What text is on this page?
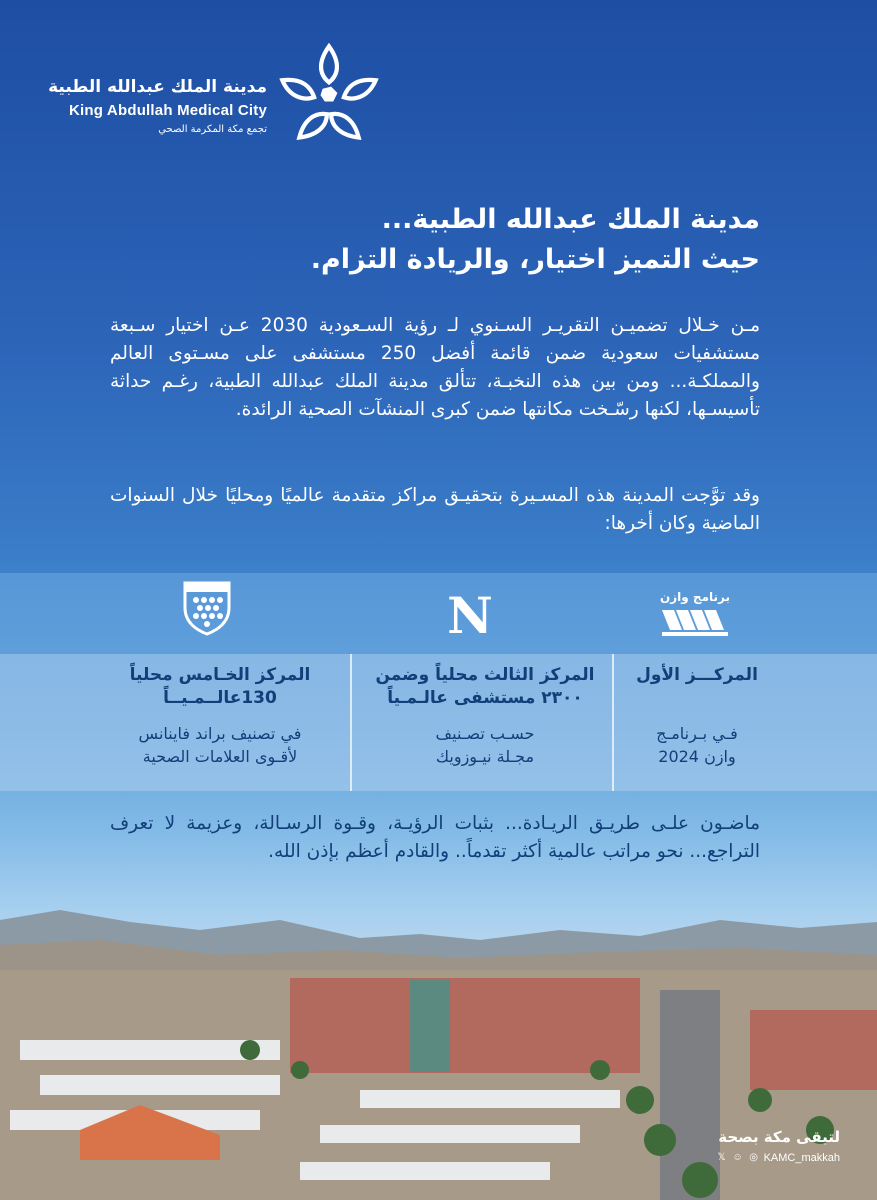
مدينة الملك عبدالله الطبية

King Abdullah Medical City

تجمع مكة المكرمة الصحي

مدينة الملك عبدالله الطبية...
حيث التميز اختيار، والريادة التزام.

مـن خـلال تضميـن التقريـر السـنوي لـ رؤية السـعودية 2030 عـن اختيار سـبعة مستشفيات سعودية ضمن قائمة أفضل 250 مستشفى على مسـتوى العالم والمملكـة... ومن بين هذه النخبـة، تتألق مدينة الملك عبدالله الطبية، رغـم حداثة تأسيسـها، لكنها رسّـخت مكانتها ضمن كبرى المنشآت الصحية الرائدة.

وقد توَّجت المدينة هذه المسـيرة بتحقيـق مراكز متقدمة عالميًا ومحليًا خلال السنوات الماضية وكان أخرها:

برنامج وازن

المركـــز الأول

فـي بـرنامـج
وازن 2024

N

المركز الثالث محلياً وضمن
٢٣٠٠ مستشفى عالـمـياً

حسـب تصـنيف
مجـلة نيـوزويك

المركز الخـامس محلياً
130عالــمـيــاً

في تصنيف براند فاينانس
لأقـوى العلامات الصحية

ماضـون علـى طريـق الريـادة... بثبات الرؤيـة، وقـوة الرسـالة، وعزيمة لا تعرف التراجع... نحو مراتب عالمية أكثر تقدماً.. والقادم أعظم بإذن الله.

لتبقى مكة بصحة

𝕏 ☺ ◎ KAMC_makkah
